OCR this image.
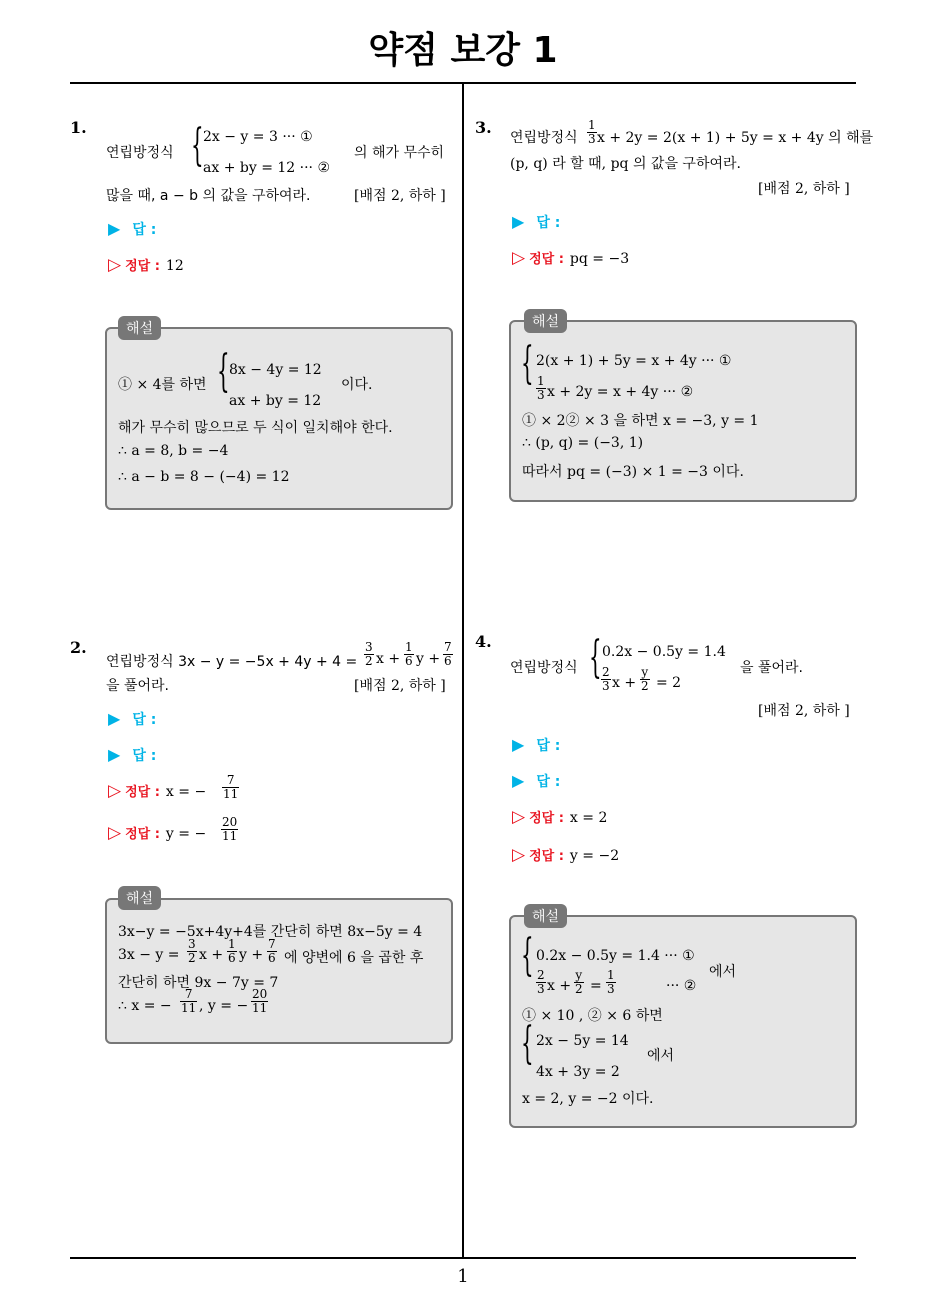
약점 보강 1
1
1.
연립방정식 { 2x − y = 3 ··· ①
ax + by = 12 ··· ②
의 해가 무수히
많을 때, a − b 의 값을 구하여라.	[배점 2, 하하 ]
▶ 답 :
▷ 정답 : 12
해설
① × 4를 하면 { 8x − 4y = 12
ax + by = 12
이다.
해가 무수히 많으므로 두 식이 일치해야 한다.
∴ a = 8, b = −4
∴ a − b = 8 − (−4) = 12
3.
연립방정식 $\frac{1}{3}$ x + 2y = 2(x + 1) + 5y = x + 4y 의 해를
(p, q) 라 할 때, pq 의 값을 구하여라.
[배점 2, 하하 ]
▶ 답 :
▷ 정답 : pq = −3
해설
{ 2(x + 1) + 5y = x + 4y ··· ①
$\frac{1}{3}$ x + 2y = x + 4y ··· ②
① × 2② × 3 을 하면 x = −3, y = 1
∴ (p, q) = (−3, 1)
따라서 pq = (−3) × 1 = −3 이다.
2.
연립방정식 $3x - y = -5x + 4y + 4 = \frac{3}{2}$ $x + \frac{1}{6}$ $y + \frac{7}{6}$
을 풀어라.	[배점 2, 하하 ]
▶ 답 :
▶ 답 :
▷ 정답 : x = − $\frac{7}{11}$
▷ 정답 : y = − $\frac{20}{11}$
해설
3x−y = −5x+4y+4를 간단히 하면 8x−5y = 4
$3x - y = \frac{3}{2}$ $x + \frac{1}{6}$ $y + \frac{7}{6}$ 에 양변에 6 을 곱한 후
간단히 하면 9x − 7y = 7
∴ x = − $\frac{7}{11}$ , y = − $\frac{20}{11}$
4.
연립방정식 { 0.2x − 0.5y = 1.4
$\frac{2}{3}$ $x + \frac{y}{2} = 2$
을 풀어라.
[배점 2, 하하 ]
▶ 답 :
▶ 답 :
▷ 정답 : x = 2
▷ 정답 : y = −2
해설
{ 0.2x − 0.5y = 1.4 ··· ①
$\frac{2}{3}$ $x + \frac{y}{2} = \frac{1}{3}$	··· ②
에서
① × 10 , ② × 6 하면
{ 2x − 5y = 14
4x + 3y = 2
에서
x = 2, y = −2 이다.
